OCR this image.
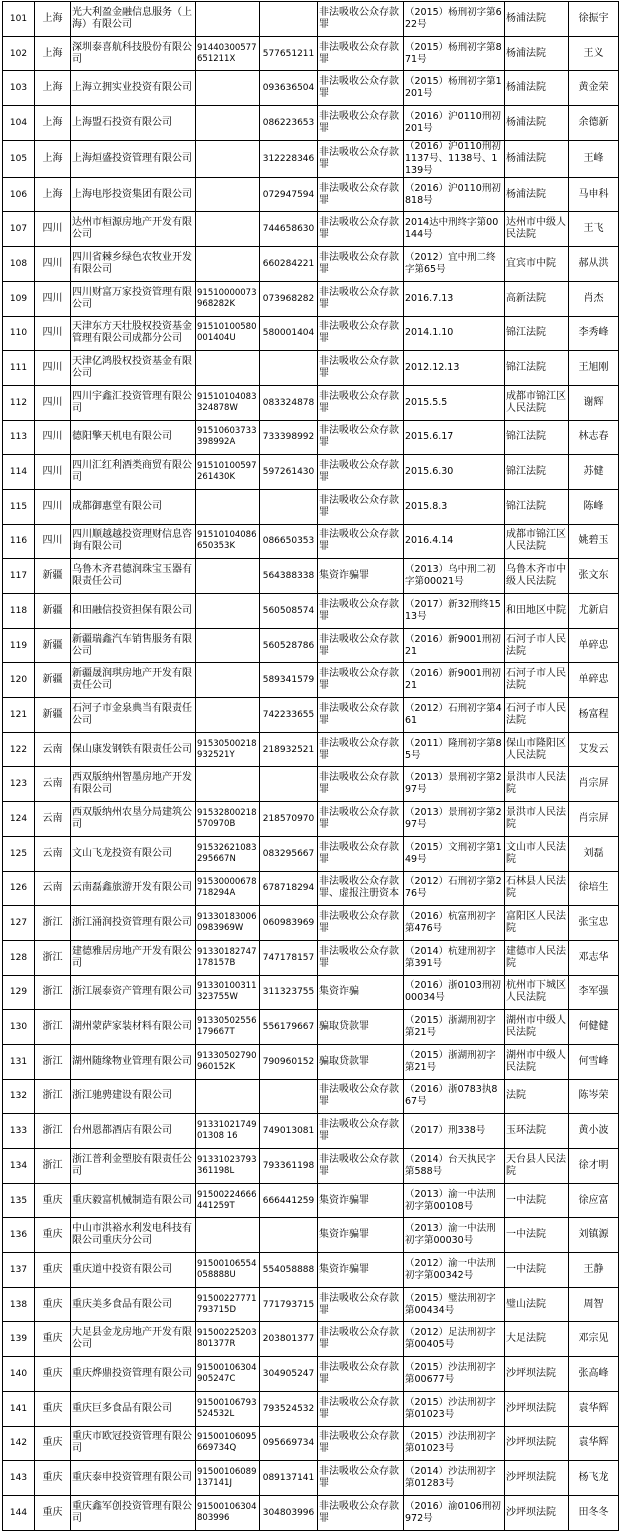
101	上海	光大利盈金融信息服务（上海）有限公司			非法吸收公众存款罪	（2015）杨刑初字第622号	杨浦法院	徐振宇
102	上海	深圳泰喜航科技股份有限公司	91440300577651211X	577651211	非法吸收公众存款罪	（2015）杨刑初字第871号	杨浦法院	王义
103	上海	上海立拥实业投资有限公司		093636504	非法吸收公众存款罪	（2015）杨刑初字第1201号	杨浦法院	黄金荣
104	上海	上海盟石投资有限公司		086223653	非法吸收公众存款罪	（2016）沪0110刑初201号	杨浦法院	余德新
105	上海	上海烜盛投资管理有限公司		312228346	非法吸收公众存款罪	（2016）沪0110刑初1137号、1138号、1139号	杨浦法院	王峰
106	上海	上海电彤投资集团有限公司		072947594	非法吸收公众存款罪	（2016）沪0110刑初818号	杨浦法院	马申科
107	四川	达州市桓源房地产开发有限公司		744658630	非法吸收公众存款罪	2014达中刑终字第00144号	达州市中级人民法院	王飞
108	四川	四川省棘乡绿色农牧业开发有限公司		660284221	非法吸收公众存款罪	（2012）宜中刑二终字第65号	宜宾市中院	郝从洪
109	四川	四川财富万家投资管理有限公司	91510000073968282K	073968282	非法吸收公众存款罪	2016.7.13	高新法院	肖杰
110	四川	天津东方天壮股权投资基金管理有限公司成都分公司	91510100580001404U	580001404	非法吸收公众存款罪	2014.1.10	锦江法院	李秀峰
111	四川	天津亿鸿股权投资基金有限公司			非法吸收公众存款罪	2012.12.13	锦江法院	王旭刚
112	四川	四川宇鑫汇投资管理有限公司	91510104083324878W	083324878	非法吸收公众存款罪	2015.5.5	成都市锦江区人民法院	谢辉
113	四川	德阳擎天机电有限公司	91510603733398992A	733398992	非法吸收公众存款罪	2015.6.17	锦江法院	林志春
114	四川	四川汇红利酒类商贸有限公司	91510100597261430K	597261430	非法吸收公众存款罪	2015.6.30	锦江法院	苏健
115	四川	成都御惠堂有限公司			非法吸收公众存款罪	2015.8.3	锦江法院	陈峰
116	四川	四川顺越越投资理财信息咨询有限公司	91510104086650353K	086650353	非法吸收公众存款罪	2016.4.14	成都市锦江区人民法院	姚碧玉
117	新疆	乌鲁木齐君德润珠宝玉器有限责任公司		564388338	集资诈骗罪	（2013）乌中刑二初字第00021号	乌鲁木齐市中级人民法院	张文东
118	新疆	和田融信投资担保有限公司		560508574	非法吸收公众存款罪	（2017）新32刑终1513号	和田地区中院	尤新启
119	新疆	新疆瑞鑫汽车销售服务有限公司		560528786	非法吸收公众存款罪	（2016）新9001刑初21	石河子市人民法院	单碎忠
120	新疆	新疆晟润琪房地产开发有限责任公司		589341579	非法吸收公众存款罪	（2016）新9001刑初21	石河子市人民法院	单碎忠
121	新疆	石河子市金泉典当有限责任公司		742233655	非法吸收公众存款罪	（2012）石刑初字第461	石河子市人民法院	杨富程
122	云南	保山康发钢铁有限责任公司	91530500218932521Y	218932521	非法吸收公众存款罪	（2011）隆刑初字第85号	保山市隆阳区人民法院	艾发云
123	云南	西双版纳州智墨房地产开发有限公司			非法吸收公众存款罪	（2013）景刑初字第297号	景洪市人民法院	肖宗屏
124	云南	西双版纳州农垦分局建筑公司	91532800218570970B	218570970	非法吸收公众存款罪	（2013）景刑初字第297号	景洪市人民法院	肖宗屏
125	云南	文山飞龙投资有限公司	91532621083295667N	083295667	非法吸收公众存款罪	（2015）文刑初字第149号	文山市人民法院	刘磊
126	云南	云南磊鑫旅游开发有限公司	91530000678718294A	678718294	非法吸收公众存款罪、虚报注册资本	（2012）石刑初字第276号	石林县人民法院	徐培生
127	浙江	浙江涌润投资管理有限公司	913301830060983969W	060983969	非法吸收公众存款罪	（2016）杭富刑初字第476号	富阳区人民法院	张宝忠
128	浙江	建德雅居房地产开发有限公司	91330182747178157B	747178157	非法吸收公众存款罪	（2014）杭建刑初字第391号	建德市人民法院	邓志华
129	浙江	浙江展泰资产管理有限公司	91330100311323755W	311323755	集资诈骗	（2016）浙0103刑初00034号	杭州市下城区人民法院	李军强
130	浙江	湖州蒙萨家装材料有限公司	91330502556179667T	556179667	骗取贷款罪	（2015）浙湖刑初字第21号	湖州市中级人民法院	何健健
131	浙江	湖州随缘物业管理有限公司	91330502790960152K	790960152	骗取贷款罪	（2015）浙湖刑初字第21号	湖州市中级人民法院	何雪峰
132	浙江	浙江驰骋建设有限公司			非法吸收公众存款罪	（2016）浙0783执867号	法院	陈岑荣
133	浙江	台州恩都酒店有限公司	9133102174901308 16	749013081	非法吸收公众存款罪	（2017）刑338号	玉环法院	黄小波
134	浙江	浙江普利金塑胶有限责任公司	91331023793361198L	793361198	非法吸收公众存款罪	（2014）台天执民字第588号	天台县人民法院	徐才明
135	重庆	重庆毅富机械制造有限公司	91500224666441259T	666441259	集资诈骗罪	（2013）渝一中法刑初字第00108号	一中法院	徐应富
136	重庆	中山市洪裕水利发电科技有限公司重庆分公司			集资诈骗罪	（2013）渝一中法刑初字第00030号	一中法院	刘镇源
137	重庆	重庆道中投资有限公司	91500106554058888U	554058888	集资诈骗罪	（2012）渝一中法刑初字第00342号	一中法院	王静
138	重庆	重庆美多食品有限公司	91500227771793715D	771793715	非法吸收公众存款罪	（2015）璧法刑初字第00434号	璧山法院	周智
139	重庆	大足县金龙房地产开发有限公司	91500225203801377R	203801377	非法吸收公众存款罪	（2012）足法刑初字第00405号	大足法院	邓宗见
140	重庆	重庆烨鼎投资管理有限公司	91500106304905247C	304905247	非法吸收公众存款罪	（2015）沙法刑初字第00677号	沙坪坝法院	张高峰
141	重庆	重庆巨多食品有限公司	91500106793524532L	793524532	非法吸收公众存款罪	（2015）沙法刑初字第01023号	沙坪坝法院	袁华辉
142	重庆	重庆市欧冠投资管理有限公司	91500106095669734Q	095669734	非法吸收公众存款罪	（2015）沙法刑初字第01023号	沙坪坝法院	袁华辉
143	重庆	重庆泰申投资管理有限公司	91500106089137141J	089137141	非法吸收公众存款罪	（2014）沙法刑初字第01283号	沙坪坝法院	杨飞龙
144	重庆	重庆鑫军创投资管理有限公司	91500106304803996	304803996	非法吸收公众存款罪	（2016）渝0106刑初972号	沙坪坝法院	田冬冬
